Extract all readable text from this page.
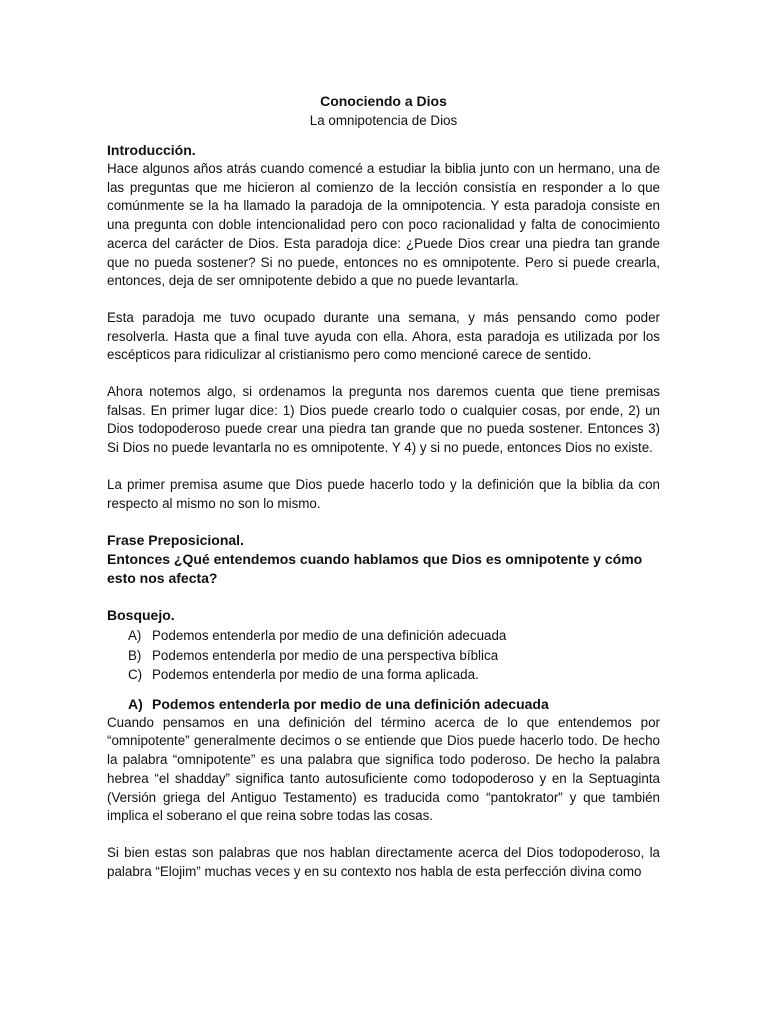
Conociendo a Dios

La omnipotencia de Dios

Introducción.

Hace algunos años atrás cuando comencé a estudiar la biblia junto con un hermano, una de las preguntas que me hicieron al comienzo de la lección consistía en responder a lo que comúnmente se la ha llamado la paradoja de la omnipotencia. Y esta paradoja consiste en una pregunta con doble intencionalidad pero con poco racionalidad y falta de conocimiento acerca del carácter de Dios. Esta paradoja dice: ¿Puede Dios crear una piedra tan grande que no pueda sostener? Si no puede, entonces no es omnipotente. Pero si puede crearla, entonces, deja de ser omnipotente debido a que no puede levantarla.

Esta paradoja me tuvo ocupado durante una semana, y más pensando como poder resolverla. Hasta que a final tuve ayuda con ella. Ahora, esta paradoja es utilizada por los escépticos para ridiculizar al cristianismo pero como mencioné carece de sentido.

Ahora notemos algo, si ordenamos la pregunta nos daremos cuenta que tiene premisas falsas. En primer lugar dice: 1) Dios puede crearlo todo o cualquier cosas, por ende, 2) un Dios todopoderoso puede crear una piedra tan grande que no pueda sostener. Entonces 3) Si Dios no puede levantarla no es omnipotente. Y 4) y si no puede, entonces Dios no existe.

La primer premisa asume que Dios puede hacerlo todo y la definición que la biblia da con respecto al mismo no son lo mismo.

Frase Preposicional.

Entonces ¿Qué entendemos cuando hablamos que Dios es omnipotente y cómo esto nos afecta?

Bosquejo.

A) Podemos entenderla por medio de una definición adecuada
B) Podemos entenderla por medio de una perspectiva bíblica
C) Podemos entenderla por medio de una forma aplicada.

A) Podemos entenderla por medio de una definición adecuada

Cuando pensamos en una definición del término acerca de lo que entendemos por “omnipotente” generalmente decimos o se entiende que Dios puede hacerlo todo. De hecho la palabra “omnipotente” es una palabra que significa todo poderoso. De hecho la palabra hebrea “el shadday” significa tanto autosuficiente como todopoderoso y en la Septuaginta (Versión griega del Antiguo Testamento) es traducida como “pantokrator” y que también implica el soberano el que reina sobre todas las cosas.

Si bien estas son palabras que nos hablan directamente acerca del Dios todopoderoso, la palabra “Elojim” muchas veces y en su contexto nos habla de esta perfección divina como
